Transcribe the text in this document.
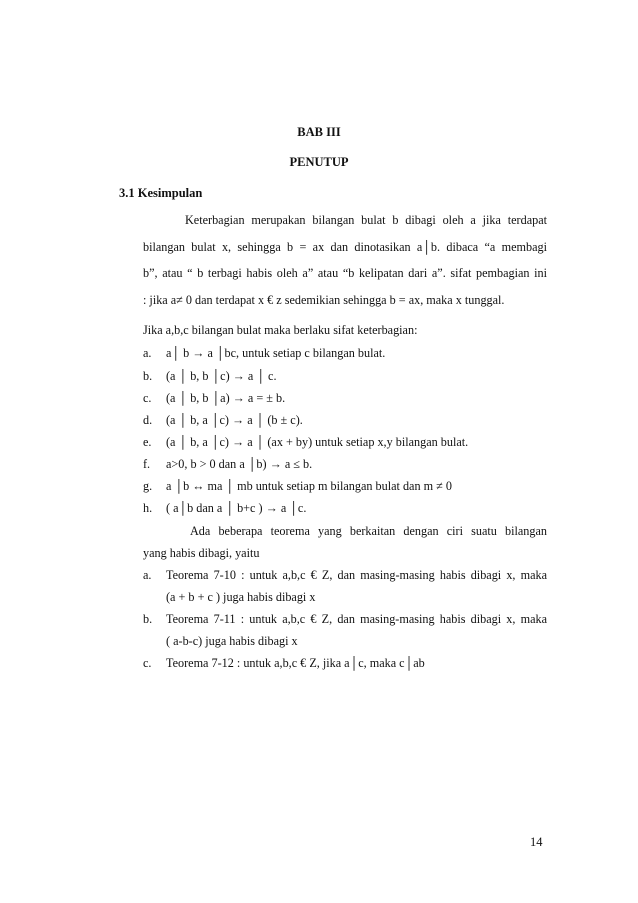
BAB III
PENUTUP
3.1 Kesimpulan
Keterbagian merupakan bilangan bulat b dibagi oleh a jika terdapat
bilangan bulat x, sehingga b = ax dan dinotasikan a│b. dibaca “a membagi
b”, atau “ b terbagi habis oleh a” atau “b kelipatan dari a”. sifat pembagian ini
: jika a≠ 0 dan terdapat x € z sedemikian sehingga b = ax, maka x tunggal.
Jika a,b,c bilangan bulat maka berlaku sifat keterbagian:
a. a│ b → a │bc, untuk setiap c bilangan bulat.
b. (a │ b, b │c) → a │ c.
c. (a │ b, b │a) → a = ± b.
d. (a │ b, a │c) → a │ (b ± c).
e. (a │ b, a │c) → a │ (ax + by) untuk setiap x,y bilangan bulat.
f. a>0, b > 0 dan a │b) → a ≤ b.
g. a │b ↔ ma │ mb untuk setiap m bilangan bulat dan m ≠ 0
h. ( a│b dan a │ b+c ) → a │c.
Ada beberapa teorema yang berkaitan dengan ciri suatu bilangan
yang habis dibagi, yaitu
a. Teorema 7-10 : untuk a,b,c € Z, dan masing-masing habis dibagi x, maka
(a + b + c ) juga habis dibagi x
b. Teorema 7-11 : untuk a,b,c € Z, dan masing-masing habis dibagi x, maka
( a-b-c) juga habis dibagi x
c. Teorema 7-12 : untuk a,b,c € Z, jika a│c, maka c│ab
14
